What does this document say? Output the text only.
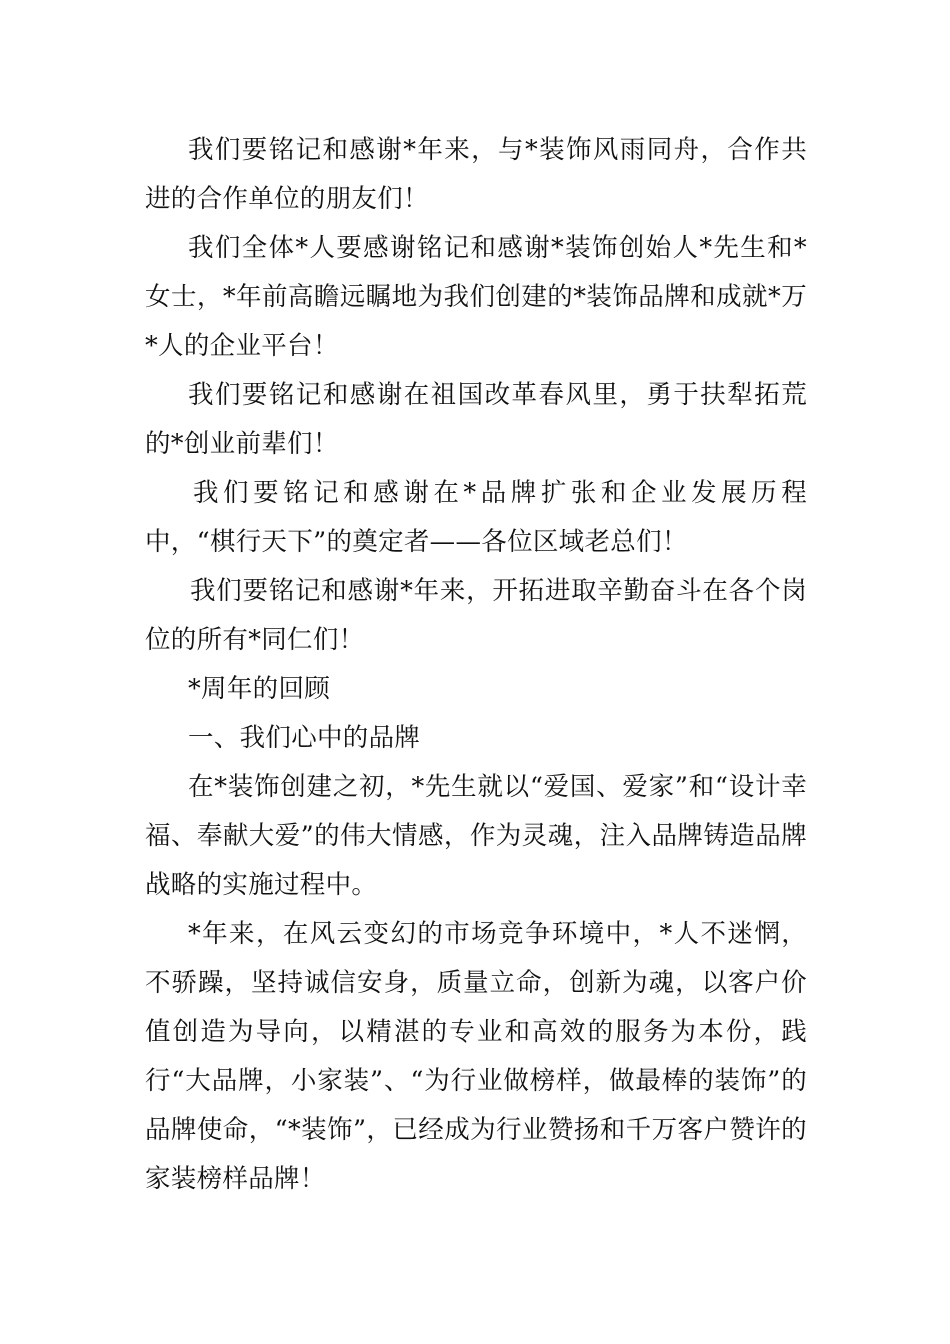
我们要铭记和感谢*年来，与*装饰风雨同舟，合作共进的合作单位的朋友们！

我们全体*人要感谢铭记和感谢*装饰创始人*先生和*女士，*年前高瞻远瞩地为我们创建的*装饰品牌和成就*万*人的企业平台！

我们要铭记和感谢在祖国改革春风里，勇于扶犁拓荒的*创业前辈们！

我们要铭记和感谢在*品牌扩张和企业发展历程中，“棋行天下”的奠定者——各位区域老总们！

我们要铭记和感谢*年来，开拓进取辛勤奋斗在各个岗位的所有*同仁们！

*周年的回顾

一、我们心中的品牌

在*装饰创建之初，*先生就以“爱国、爱家”和“设计幸福、奉献大爱”的伟大情感，作为灵魂，注入品牌铸造品牌战略的实施过程中。

*年来，在风云变幻的市场竞争环境中，*人不迷惘，不骄躁，坚持诚信安身，质量立命，创新为魂，以客户价值创造为导向，以精湛的专业和高效的服务为本份，践行“大品牌，小家装”、“为行业做榜样，做最棒的装饰”的品牌使命，“*装饰”，已经成为行业赞扬和千万客户赞许的家装榜样品牌！
